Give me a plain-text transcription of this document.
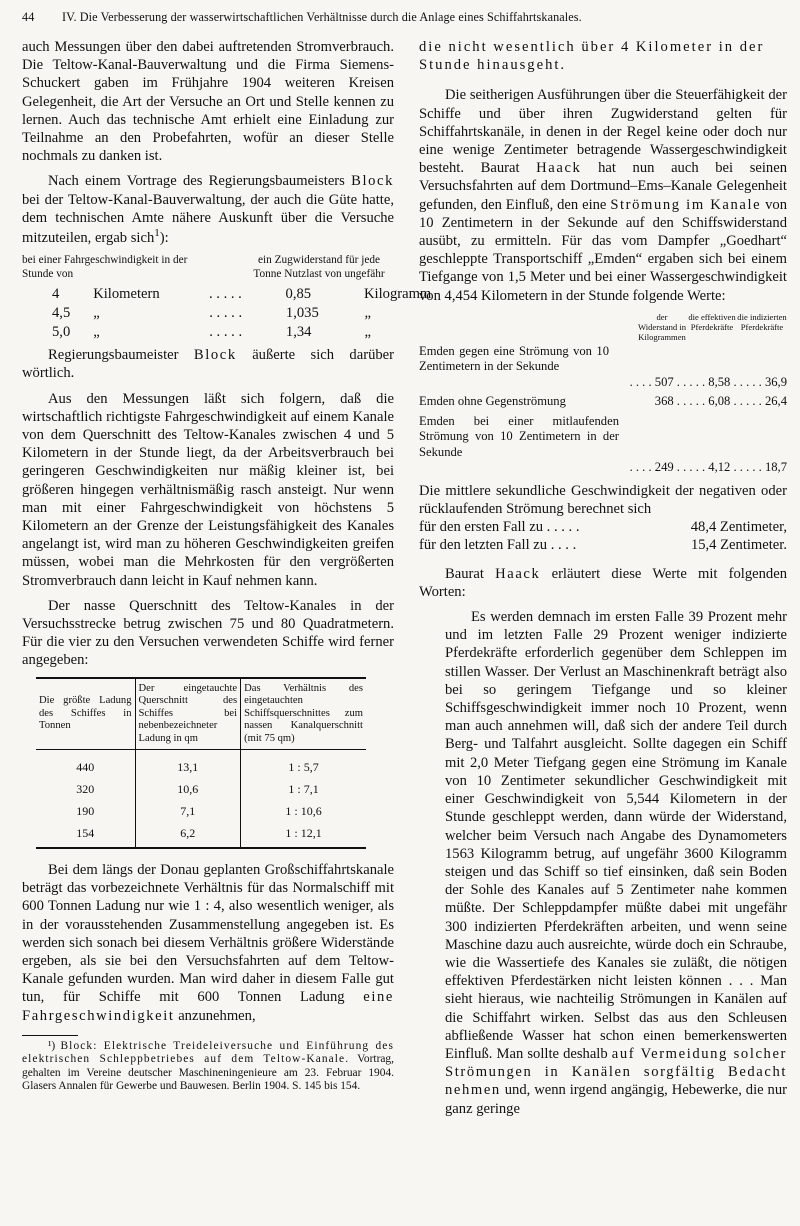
44 IV. Die Verbesserung der wasserwirtschaftlichen Verhältnisse durch die Anlage eines Schiffahrtskanales.

auch Messungen über den dabei auftretenden Stromverbrauch. Die Teltow-Kanal-Bauverwaltung und die Firma Siemens-Schuckert gaben im Frühjahre 1904 weiteren Kreisen Gelegenheit, die Art der Versuche an Ort und Stelle kennen zu lernen. Auch das technische Amt erhielt eine Einladung zur Teilnahme an den Probefahrten, wofür an dieser Stelle nochmals zu danken ist.

Nach einem Vortrage des Regierungsbaumeisters Block bei der Teltow-Kanal-Bauverwaltung, der auch die Güte hatte, dem technischen Amte nähere Auskunft über die Versuche mitzuteilen, ergab sich$^1$):

bei einer Fahrgeschwindigkeit in der Stunde von
ein Zugwiderstand für jede Tonne Nutzlast von ungefähr
4	Kilometern	. . . . .	0,85	Kilogramm
4,5	„	. . . . .	1,035	„
5,0	„	. . . . .	1,34	„

Regierungsbaumeister Block äußerte sich darüber wörtlich.

Aus den Messungen läßt sich folgern, daß die wirtschaftlich richtigste Fahrgeschwindigkeit auf einem Kanale von dem Querschnitt des Teltow-Kanales zwischen 4 und 5 Kilometern in der Stunde liegt, da der Arbeitsverbrauch bei geringeren Geschwindigkeiten nur mäßig kleiner ist, bei größeren hingegen verhältnismäßig rasch ansteigt. Nur wenn man mit einer Fahrgeschwindigkeit von höchstens 5 Kilometern an der Grenze der Leistungsfähigkeit des Kanales angelangt ist, wird man zu höheren Geschwindigkeiten greifen müssen, wobei man die Mehrkosten für den vergrößerten Stromverbrauch dann leicht in Kauf nehmen kann.

Der nasse Querschnitt des Teltow-Kanales in der Versuchsstrecke betrug zwischen 75 und 80 Quadratmetern. Für die vier zu den Versuchen verwendeten Schiffe wird ferner angegeben:

Die größte Ladung des Schiffes in Tonnen	Der eingetauchte Querschnitt des Schiffes bei nebenbezeichneter Ladung in qm	Das Verhältnis des eingetauchten Schiffsquerschnittes zum nassen Kanalquerschnitt (mit 75 qm)
440	13,1	1 : 5,7
320	10,6	1 : 7,1
190	7,1	1 : 10,6
154	6,2	1 : 12,1

Bei dem längs der Donau geplanten Großschiffahrtskanale beträgt das vorbezeichnete Verhältnis für das Normalschiff mit 600 Tonnen Ladung nur wie 1 : 4, also wesentlich weniger, als in der vorausstehenden Zusammenstellung angegeben ist. Es werden sich sonach bei diesem Verhältnis größere Widerstände ergeben, als sie bei den Versuchsfahrten auf dem Teltow-Kanale gefunden wurden. Man wird daher in diesem Falle gut tun, für Schiffe mit 600 Tonnen Ladung eine Fahrgeschwindigkeit anzunehmen,

¹) Block: Elektrische Treideleiversuche und Einführung des elektrischen Schleppbetriebes auf dem Teltow-Kanale. Vortrag, gehalten im Vereine deutscher Maschineningenieure am 23. Februar 1904. Glasers Annalen für Gewerbe und Bauwesen. Berlin 1904. S. 145 bis 154.

die nicht wesentlich über 4 Kilometer in der Stunde hinausgeht.

Die seitherigen Ausführungen über die Steuerfähigkeit der Schiffe und über ihren Zugwiderstand gelten für Schiffahrtskanäle, in denen in der Regel keine oder doch nur eine wenige Zentimeter betragende Wassergeschwindigkeit besteht. Baurat Haack hat nun auch bei seinen Versuchsfahrten auf dem Dortmund–Ems–Kanale Gelegenheit gefunden, den Einfluß, den eine Strömung im Kanale von 10 Zentimetern in der Sekunde auf den Schiffswiderstand ausübt, zu ermitteln. Für das vom Dampfer „Goedhart“ geschleppte Transportschiff „Emden“ ergaben sich bei einem Tiefgange von 1,5 Meter und bei einer Wassergeschwindigkeit von 4,454 Kilometern in der Stunde folgende Werte:

der Widerstand in Kilogrammen
die effektiven Pferdekräfte
die indizierten Pferdekräfte
Emden gegen eine Strömung von 10 Zentimetern in der Sekunde
. . . . 507 . . . . . 8,58 . . . . . 36,9
Emden ohne Gegenströmung	368 . . . . . 6,08 . . . . . 26,4
Emden bei einer mitlaufenden Strömung von 10 Zentimetern in der Sekunde
. . . . 249 . . . . . 4,12 . . . . . 18,7

Die mittlere sekundliche Geschwindigkeit der negativen oder rücklaufenden Strömung berechnet sich

für den ersten Fall zu . . . . .	48,4 Zentimeter,
für den letzten Fall zu . . . .	15,4 Zentimeter.

Baurat Haack erläutert diese Werte mit folgenden Worten:

Es werden demnach im ersten Falle 39 Prozent mehr und im letzten Falle 29 Prozent weniger indizierte Pferdekräfte erforderlich gegenüber dem Schleppen im stillen Wasser. Der Verlust an Maschinenkraft beträgt also bei so geringem Tiefgange und so kleiner Schiffsgeschwindigkeit immer noch 10 Prozent, wenn man auch annehmen will, daß sich der andere Teil durch Berg- und Talfahrt ausgleicht. Sollte dagegen ein Schiff mit 2,0 Meter Tiefgang gegen eine Strömung im Kanale von 10 Zentimeter sekundlicher Geschwindigkeit mit einer Geschwindigkeit von 5,544 Kilometern in der Stunde geschleppt werden, dann würde der Widerstand, welcher beim Versuch nach Angabe des Dynamometers 1563 Kilogramm betrug, auf ungefähr 3600 Kilogramm steigen und das Schiff so tief einsinken, daß sein Boden der Sohle des Kanales auf 5 Zentimeter nahe kommen müßte. Der Schleppdampfer müßte dabei mit ungefähr 300 indizierten Pferdekräften arbeiten, und wenn seine Maschine dazu auch ausreichte, würde doch ein Schraube, wie die Wassertiefe des Kanales sie zuläßt, die nötigen effektiven Pferdestärken nicht leisten können . . . Man sieht hieraus, wie nachteilig Strömungen in Kanälen auf die Schiffahrt wirken. Selbst das aus den Schleusen abfließende Wasser hat schon einen bemerkenswerten Einfluß. Man sollte deshalb auf Vermeidung solcher Strömungen in Kanälen sorgfältig Bedacht nehmen und, wenn irgend angängig, Hebewerke, die nur ganz geringe
